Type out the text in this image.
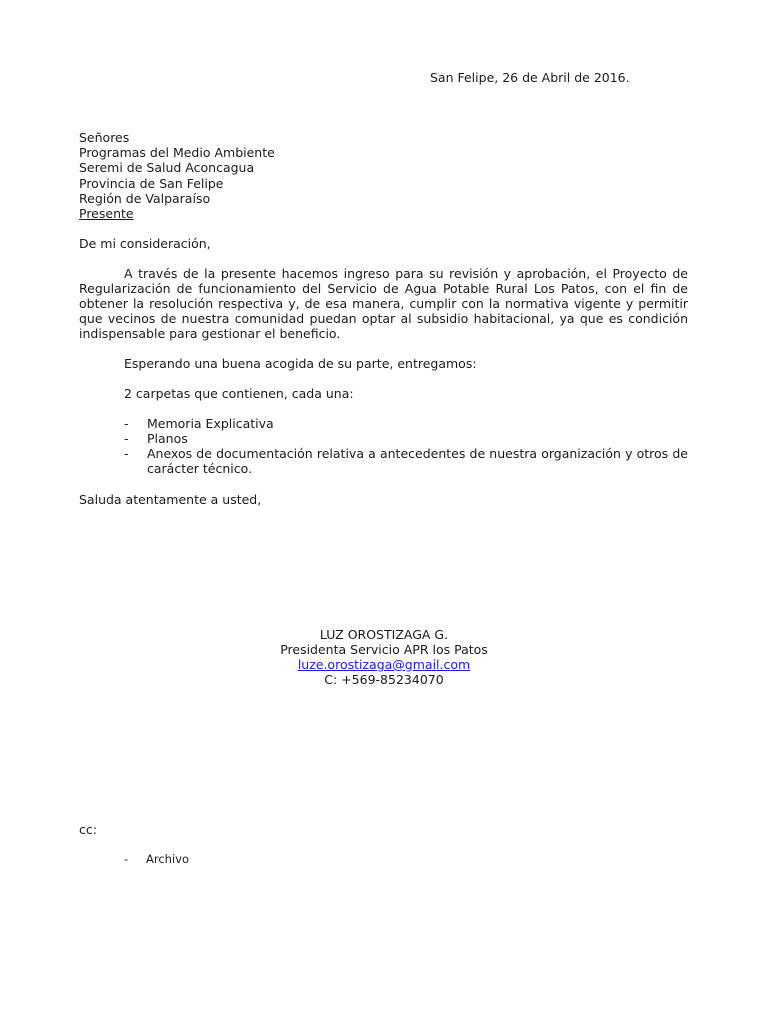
San Felipe, 26 de Abril de 2016.
Señores
Programas del Medio Ambiente
Seremi de Salud Aconcagua
Provincia de San Felipe
Región de Valparaíso
Presente
De mi consideración,
A través de la presente hacemos ingreso para su revisión y aprobación, el Proyecto de Regularización de funcionamiento del Servicio de Agua Potable Rural Los Patos, con el fin de obtener la resolución respectiva y, de esa manera, cumplir con la normativa vigente y permitir que vecinos de nuestra comunidad puedan optar al subsidio habitacional, ya que es condición indispensable para gestionar el beneficio.
Esperando una buena acogida de su parte, entregamos:
2 carpetas que contienen, cada una:
- Memoria Explicativa
- Planos
- Anexos de documentación relativa a antecedentes de nuestra organización y otros de carácter técnico.
Saluda atentamente a usted,
LUZ OROSTIZAGA G.
Presidenta Servicio APR los Patos
luze.orostizaga@gmail.com
C: +569-85234070
cc:
- Archivo
